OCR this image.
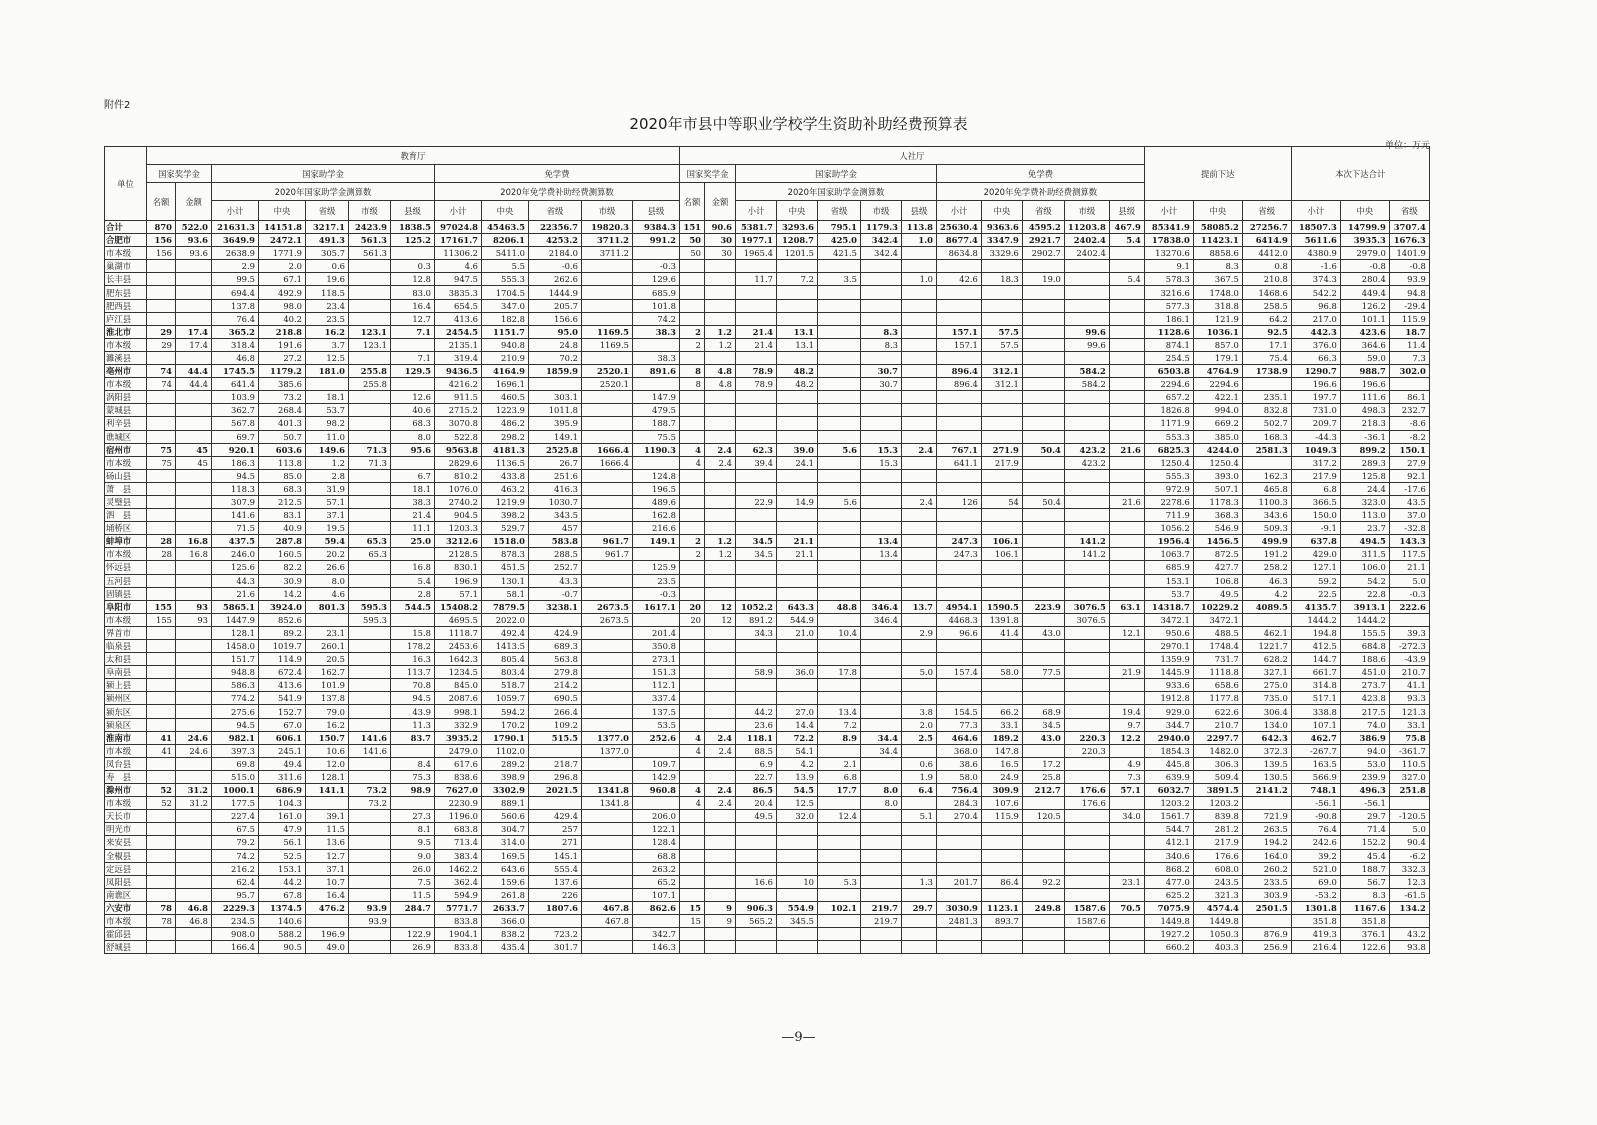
附件2
2020年市县中等职业学校学生资助补助经费预算表
单位：万元
单位	教育厅												人社厅												提前下达			本次下达合计		
	国家奖学金		国家助学金					免学费					国家奖学金		国家助学金					免学费										
	名额	金额	2020年国家助学金测算数					2020年免学费补助经费测算数					名额	金额	2020年国家助学金测算数					2020年免学费补助经费测算数										
			小计	中央	省级	市级	县级	小计	中央	省级	市级	县级			小计	中央	省级	市级	县级	小计	中央	省级	市级	县级	小计	中央	省级	小计	中央	省级
合计	870	522.0	21631.3	14151.8	3217.1	2423.9	1838.5	97024.8	45463.5	22356.7	19820.3	9384.3	151	90.6	5381.7	3293.6	795.1	1179.3	113.8	25630.4	9363.6	4595.2	11203.8	467.9	85341.9	58085.2	27256.7	18507.3	14799.9	3707.4
合肥市	156	93.6	3649.9	2472.1	491.3	561.3	125.2	17161.7	8206.1	4253.2	3711.2	991.2	50	30	1977.1	1208.7	425.0	342.4	1.0	8677.4	3347.9	2921.7	2402.4	5.4	17838.0	11423.1	6414.9	5611.6	3935.3	1676.3
市本级	156	93.6	2638.9	1771.9	305.7	561.3		11306.2	5411.0	2184.0	3711.2		50	30	1965.4	1201.5	421.5	342.4		8634.8	3329.6	2902.7	2402.4		13270.6	8858.6	4412.0	4380.9	2979.0	1401.9
巢湖市			2.9	2.0	0.6		0.3	4.6	5.5	-0.6		-0.3													9.1	8.3	0.8	-1.6	-0.8	-0.8
长丰县			99.5	67.1	19.6		12.8	947.5	555.3	262.6		129.6			11.7	7.2	3.5		1.0	42.6	18.3	19.0		5.4	578.3	367.5	210.8	374.3	280.4	93.9
肥东县			694.4	492.9	118.5		83.0	3835.3	1704.5	1444.9		685.9													3216.6	1748.0	1468.6	542.2	449.4	94.8
肥西县			137.8	98.0	23.4		16.4	654.5	347.0	205.7		101.8													577.3	318.8	258.5	96.8	126.2	-29.4
庐江县			76.4	40.2	23.5		12.7	413.6	182.8	156.6		74.2													186.1	121.9	64.2	217.0	101.1	115.9
淮北市	29	17.4	365.2	218.8	16.2	123.1	7.1	2454.5	1151.7	95.0	1169.5	38.3	2	1.2	21.4	13.1		8.3		157.1	57.5		99.6		1128.6	1036.1	92.5	442.3	423.6	18.7
市本级	29	17.4	318.4	191.6	3.7	123.1		2135.1	940.8	24.8	1169.5		2	1.2	21.4	13.1		8.3		157.1	57.5		99.6		874.1	857.0	17.1	376.0	364.6	11.4
濉溪县			46.8	27.2	12.5		7.1	319.4	210.9	70.2		38.3													254.5	179.1	75.4	66.3	59.0	7.3
亳州市	74	44.4	1745.5	1179.2	181.0	255.8	129.5	9436.5	4164.9	1859.9	2520.1	891.6	8	4.8	78.9	48.2		30.7		896.4	312.1		584.2		6503.8	4764.9	1738.9	1290.7	988.7	302.0
市本级	74	44.4	641.4	385.6		255.8		4216.2	1696.1		2520.1		8	4.8	78.9	48.2		30.7		896.4	312.1		584.2		2294.6	2294.6		196.6	196.6	
涡阳县			103.9	73.2	18.1		12.6	911.5	460.5	303.1		147.9													657.2	422.1	235.1	197.7	111.6	86.1
蒙城县			362.7	268.4	53.7		40.6	2715.2	1223.9	1011.8		479.5													1826.8	994.0	832.8	731.0	498.3	232.7
利辛县			567.8	401.3	98.2		68.3	3070.8	486.2	395.9		188.7													1171.9	669.2	502.7	209.7	218.3	-8.6
谯城区			69.7	50.7	11.0		8.0	522.8	298.2	149.1		75.5													553.3	385.0	168.3	-44.3	-36.1	-8.2
宿州市	75	45	920.1	603.6	149.6	71.3	95.6	9563.8	4181.3	2525.8	1666.4	1190.3	4	2.4	62.3	39.0	5.6	15.3	2.4	767.1	271.9	50.4	423.2	21.6	6825.3	4244.0	2581.3	1049.3	899.2	150.1
市本级	75	45	186.3	113.8	1.2	71.3		2829.6	1136.5	26.7	1666.4		4	2.4	39.4	24.1		15.3		641.1	217.9		423.2		1250.4	1250.4		317.2	289.3	27.9
砀山县			94.5	85.0	2.8		6.7	810.2	433.8	251.6		124.8													555.3	393.0	162.3	217.9	125.8	92.1
萧　县			118.3	68.3	31.9		18.1	1076.0	463.2	416.3		196.5													972.9	507.1	465.8	6.8	24.4	-17.6
灵璧县			307.9	212.5	57.1		38.3	2740.2	1219.9	1030.7		489.6			22.9	14.9	5.6		2.4	126	54	50.4		21.6	2278.6	1178.3	1100.3	366.5	323.0	43.5
泗　县			141.6	83.1	37.1		21.4	904.5	398.2	343.5		162.8													711.9	368.3	343.6	150.0	113.0	37.0
埇桥区			71.5	40.9	19.5		11.1	1203.3	529.7	457		216.6													1056.2	546.9	509.3	-9.1	23.7	-32.8
蚌埠市	28	16.8	437.5	287.8	59.4	65.3	25.0	3212.6	1518.0	583.8	961.7	149.1	2	1.2	34.5	21.1		13.4		247.3	106.1		141.2		1956.4	1456.5	499.9	637.8	494.5	143.3
市本级	28	16.8	246.0	160.5	20.2	65.3		2128.5	878.3	288.5	961.7		2	1.2	34.5	21.1		13.4		247.3	106.1		141.2		1063.7	872.5	191.2	429.0	311.5	117.5
怀远县			125.6	82.2	26.6		16.8	830.1	451.5	252.7		125.9													685.9	427.7	258.2	127.1	106.0	21.1
五河县			44.3	30.9	8.0		5.4	196.9	130.1	43.3		23.5													153.1	106.8	46.3	59.2	54.2	5.0
固镇县			21.6	14.2	4.6		2.8	57.1	58.1	-0.7		-0.3													53.7	49.5	4.2	22.5	22.8	-0.3
阜阳市	155	93	5865.1	3924.0	801.3	595.3	544.5	15408.2	7879.5	3238.1	2673.5	1617.1	20	12	1052.2	643.3	48.8	346.4	13.7	4954.1	1590.5	223.9	3076.5	63.1	14318.7	10229.2	4089.5	4135.7	3913.1	222.6
市本级	155	93	1447.9	852.6		595.3		4695.5	2022.0		2673.5		20	12	891.2	544.9		346.4		4468.3	1391.8		3076.5		3472.1	3472.1		1444.2	1444.2	
界首市			128.1	89.2	23.1		15.8	1118.7	492.4	424.9		201.4			34.3	21.0	10.4		2.9	96.6	41.4	43.0		12.1	950.6	488.5	462.1	194.8	155.5	39.3
临泉县			1458.0	1019.7	260.1		178.2	2453.6	1413.5	689.3		350.8													2970.1	1748.4	1221.7	412.5	684.8	-272.3
太和县			151.7	114.9	20.5		16.3	1642.3	805.4	563.8		273.1													1359.9	731.7	628.2	144.7	188.6	-43.9
阜南县			948.8	672.4	162.7		113.7	1234.5	803.4	279.8		151.3			58.9	36.0	17.8		5.0	157.4	58.0	77.5		21.9	1445.9	1118.8	327.1	661.7	451.0	210.7
颍上县			586.3	413.6	101.9		70.8	845.0	518.7	214.2		112.1													933.6	658.6	275.0	314.8	273.7	41.1
颍州区			774.2	541.9	137.8		94.5	2087.6	1059.7	690.5		337.4													1912.8	1177.8	735.0	517.1	423.8	93.3
颍东区			275.6	152.7	79.0		43.9	998.1	594.2	266.4		137.5			44.2	27.0	13.4		3.8	154.5	66.2	68.9		19.4	929.0	622.6	306.4	338.8	217.5	121.3
颍泉区			94.5	67.0	16.2		11.3	332.9	170.2	109.2		53.5			23.6	14.4	7.2		2.0	77.3	33.1	34.5		9.7	344.7	210.7	134.0	107.1	74.0	33.1
淮南市	41	24.6	982.1	606.1	150.7	141.6	83.7	3935.2	1790.1	515.5	1377.0	252.6	4	2.4	118.1	72.2	8.9	34.4	2.5	464.6	189.2	43.0	220.3	12.2	2940.0	2297.7	642.3	462.7	386.9	75.8
市本级	41	24.6	397.3	245.1	10.6	141.6		2479.0	1102.0		1377.0		4	2.4	88.5	54.1		34.4		368.0	147.8		220.3		1854.3	1482.0	372.3	-267.7	94.0	-361.7
凤台县			69.8	49.4	12.0		8.4	617.6	289.2	218.7		109.7			6.9	4.2	2.1		0.6	38.6	16.5	17.2		4.9	445.8	306.3	139.5	163.5	53.0	110.5
寿　县			515.0	311.6	128.1		75.3	838.6	398.9	296.8		142.9			22.7	13.9	6.8		1.9	58.0	24.9	25.8		7.3	639.9	509.4	130.5	566.9	239.9	327.0
滁州市	52	31.2	1000.1	686.9	141.1	73.2	98.9	7627.0	3302.9	2021.5	1341.8	960.8	4	2.4	86.5	54.5	17.7	8.0	6.4	756.4	309.9	212.7	176.6	57.1	6032.7	3891.5	2141.2	748.1	496.3	251.8
市本级	52	31.2	177.5	104.3		73.2		2230.9	889.1		1341.8		4	2.4	20.4	12.5		8.0		284.3	107.6		176.6		1203.2	1203.2		-56.1	-56.1	
天长市			227.4	161.0	39.1		27.3	1196.0	560.6	429.4		206.0			49.5	32.0	12.4		5.1	270.4	115.9	120.5		34.0	1561.7	839.8	721.9	-90.8	29.7	-120.5
明光市			67.5	47.9	11.5		8.1	683.8	304.7	257		122.1													544.7	281.2	263.5	76.4	71.4	5.0
来安县			79.2	56.1	13.6		9.5	713.4	314.0	271		128.4													412.1	217.9	194.2	242.6	152.2	90.4
全椒县			74.2	52.5	12.7		9.0	383.4	169.5	145.1		68.8													340.6	176.6	164.0	39.2	45.4	-6.2
定远县			216.2	153.1	37.1		26.0	1462.2	643.6	555.4		263.2													868.2	608.0	260.2	521.0	188.7	332.3
凤阳县			62.4	44.2	10.7		7.5	362.4	159.6	137.6		65.2			16.6	10	5.3		1.3	201.7	86.4	92.2		23.1	477.0	243.5	233.5	69.0	56.7	12.3
南谯区			95.7	67.8	16.4		11.5	594.9	261.8	226		107.1													625.2	321.3	303.9	-53.2	8.3	-61.5
六安市	78	46.8	2229.3	1374.5	476.2	93.9	284.7	5771.7	2633.7	1807.6	467.8	862.6	15	9	906.3	554.9	102.1	219.7	29.7	3030.9	1123.1	249.8	1587.6	70.5	7075.9	4574.4	2501.5	1301.8	1167.6	134.2
市本级	78	46.8	234.5	140.6		93.9		833.8	366.0		467.8		15	9	565.2	345.5		219.7		2481.3	893.7		1587.6		1449.8	1449.8		351.8	351.8	
霍邱县			908.0	588.2	196.9		122.9	1904.1	838.2	723.2		342.7													1927.2	1050.3	876.9	419.3	376.1	43.2
舒城县			166.4	90.5	49.0		26.9	833.8	435.4	301.7		146.3													660.2	403.3	256.9	216.4	122.6	93.8
—9—
